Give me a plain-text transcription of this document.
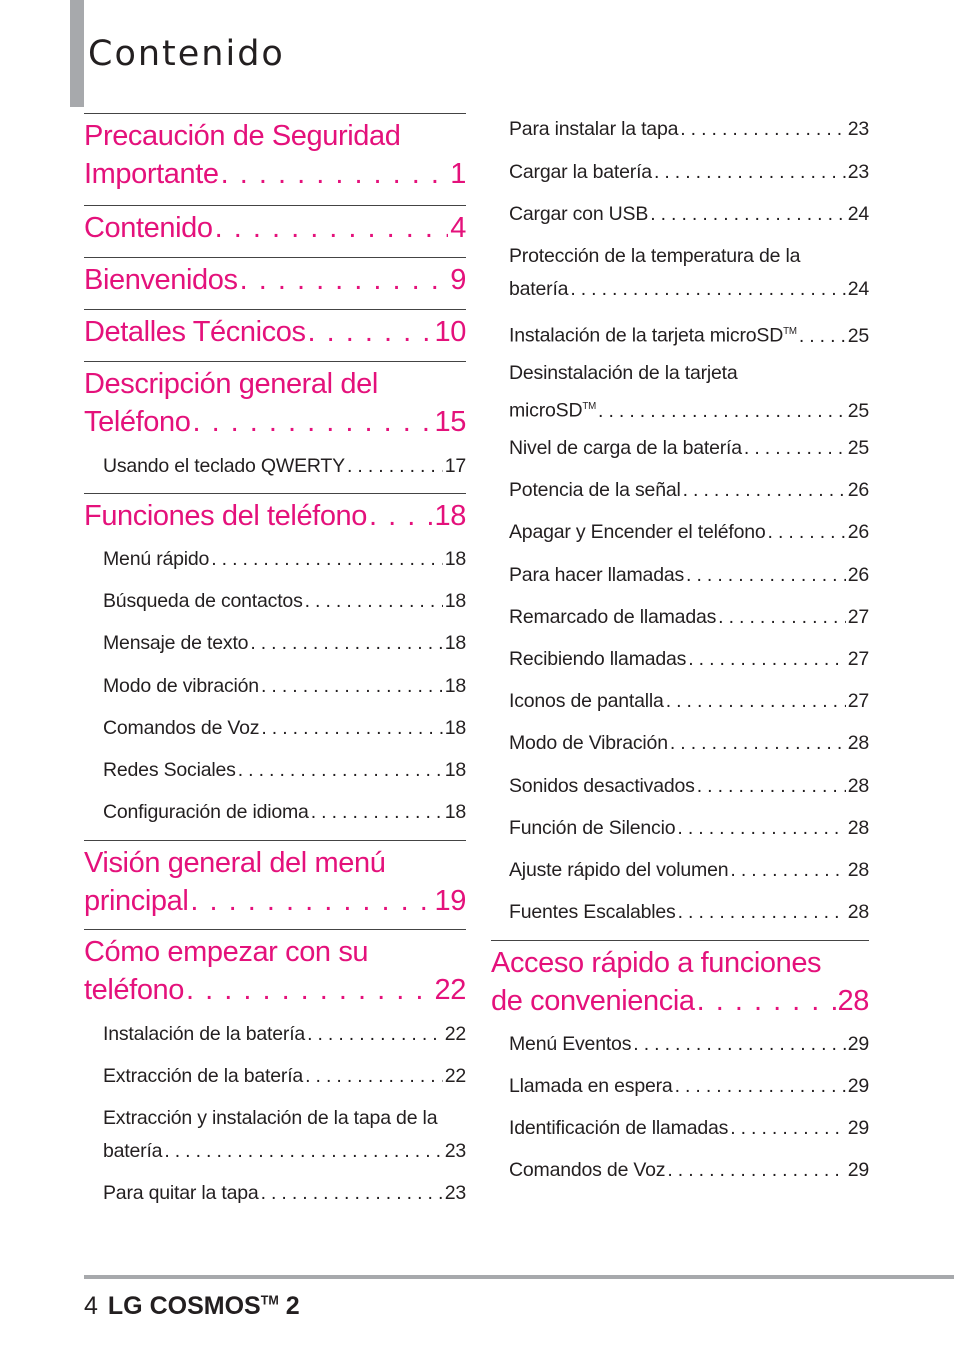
Contenido
Precaución de Seguridad
Importante . . .	1
Contenido . . .	4
Bienvenidos . . .	9
Detalles Técnicos . . .	10
Descripción general del
Teléfono . . .	15
Usando el teclado QWERTY . . .	17
Funciones del teléfono . . . 18
Menú rápido . . .	18
Búsqueda de contactos . . .	18
Mensaje de texto . . .	18
Modo de vibración . . .	18
Comandos de Voz . . .	18
Redes Sociales . . .	18
Configuración de idioma . . .	18
Visión general del menú
principal . . .	19
Cómo empezar con su
teléfono . . .	22
Instalación de la batería . . .	22
Extracción de la batería . . .	22
Extracción y instalación de la tapa de la
batería . . .	23
Para quitar la tapa . . .	23
Para instalar la tapa . . .	23
Cargar la batería . . .	23
Cargar con USB . . .	24
Protección de la temperatura de la
batería . . .	24
Instalación de la tarjeta microSD™ . . .	25
Desinstalación de la tarjeta
microSD™ . . .	25
Nivel de carga de la batería . . .	25
Potencia de la señal . . .	26
Apagar y Encender el teléfono . . .	26
Para hacer llamadas . . .	26
Remarcado de llamadas . . .	27
Recibiendo llamadas . . .	27
Iconos de pantalla . . .	27
Modo de Vibración . . .	28
Sonidos desactivados . . .	28
Función de Silencio . . .	28
Ajuste rápido del volumen . . .	28
Fuentes Escalables . . .	28
Acceso rápido a funciones
de conveniencia . . .	28
Menú Eventos . . .	29
Llamada en espera . . .	29
Identificación de llamadas . . .	29
Comandos de Voz . . .	29
4 LG COSMOS™ 2
